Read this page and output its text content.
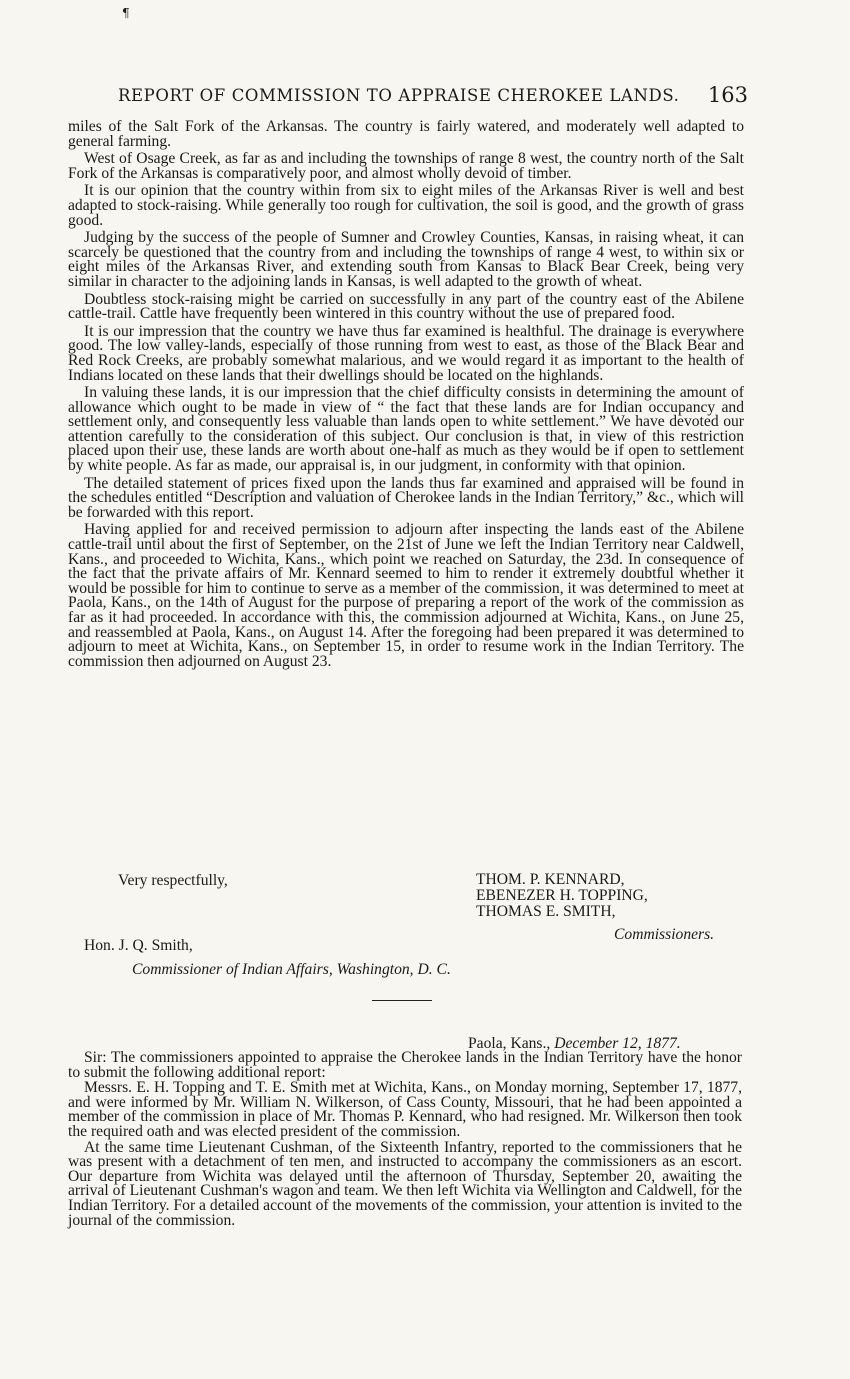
¶
REPORT OF COMMISSION TO APPRAISE CHEROKEE LANDS. 163

miles of the Salt Fork of the Arkansas. The country is fairly watered, and moderately well adapted to general farming.

West of Osage Creek, as far as and including the townships of range 8 west, the country north of the Salt Fork of the Arkansas is comparatively poor, and almost wholly devoid of timber.

It is our opinion that the country within from six to eight miles of the Arkansas River is well and best adapted to stock-raising. While generally too rough for cultivation, the soil is good, and the growth of grass good.

Judging by the success of the people of Sumner and Crowley Counties, Kansas, in raising wheat, it can scarcely be questioned that the country from and including the townships of range 4 west, to within six or eight miles of the Arkansas River, and extending south from Kansas to Black Bear Creek, being very similar in character to the adjoining lands in Kansas, is well adapted to the growth of wheat.

Doubtless stock-raising might be carried on successfully in any part of the country east of the Abilene cattle-trail. Cattle have frequently been wintered in this country without the use of prepared food.

It is our impression that the country we have thus far examined is healthful. The drainage is everywhere good. The low valley-lands, especially of those running from west to east, as those of the Black Bear and Red Rock Creeks, are probably somewhat malarious, and we would regard it as important to the health of Indians located on these lands that their dwellings should be located on the highlands.

In valuing these lands, it is our impression that the chief difficulty consists in determining the amount of allowance which ought to be made in view of “ the fact that these lands are for Indian occupancy and settlement only, and consequently less valuable than lands open to white settlement.” We have devoted our attention carefully to the consideration of this subject. Our conclusion is that, in view of this restriction placed upon their use, these lands are worth about one-half as much as they would be if open to settlement by white people. As far as made, our appraisal is, in our judgment, in conformity with that opinion.

The detailed statement of prices fixed upon the lands thus far examined and appraised will be found in the schedules entitled “Description and valuation of Cherokee lands in the Indian Territory,” &c., which will be forwarded with this report.

Having applied for and received permission to adjourn after inspecting the lands east of the Abilene cattle-trail until about the first of September, on the 21st of June we left the Indian Territory near Caldwell, Kans., and proceeded to Wichita, Kans., which point we reached on Saturday, the 23d. In consequence of the fact that the private affairs of Mr. Kennard seemed to him to render it extremely doubtful whether it would be possible for him to continue to serve as a member of the commission, it was determined to meet at Paola, Kans., on the 14th of August for the purpose of preparing a report of the work of the commission as far as it had proceeded. In accordance with this, the commission adjourned at Wichita, Kans., on June 25, and reassembled at Paola, Kans., on August 14. After the foregoing had been prepared it was determined to adjourn to meet at Wichita, Kans., on September 15, in order to resume work in the Indian Territory. The commission then adjourned on August 23.

Very respectfully,	THOM. P. KENNARD,
EBENEZER H. TOPPING,
THOMAS E. SMITH,
Commissioners.
Hon. J. Q. Smith,
Commissioner of Indian Affairs, Washington, D. C.
Paola, Kans., December 12, 1877.

Sir: The commissioners appointed to appraise the Cherokee lands in the Indian Territory have the honor to submit the following additional report:

Messrs. E. H. Topping and T. E. Smith met at Wichita, Kans., on Monday morning, September 17, 1877, and were informed by Mr. William N. Wilkerson, of Cass County, Missouri, that he had been appointed a member of the commission in place of Mr. Thomas P. Kennard, who had resigned. Mr. Wilkerson then took the required oath and was elected president of the commission.

At the same time Lieutenant Cushman, of the Sixteenth Infantry, reported to the commissioners that he was present with a detachment of ten men, and instructed to accompany the commissioners as an escort. Our departure from Wichita was delayed until the afternoon of Thursday, September 20, awaiting the arrival of Lieutenant Cushman's wagon and team. We then left Wichita via Wellington and Caldwell, for the Indian Territory. For a detailed account of the movements of the commission, your attention is invited to the journal of the commission.
